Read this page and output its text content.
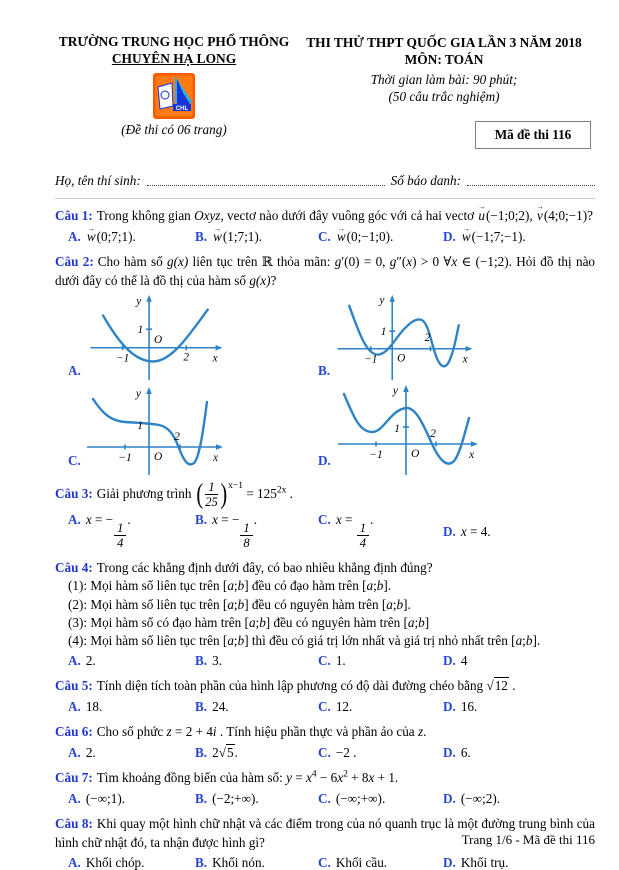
TRƯỜNG TRUNG HỌC PHỔ THÔNG
CHUYÊN HẠ LONG
CHL
(Đề thi có 06 trang)
THI THỬ THPT QUỐC GIA LẦN 3 NĂM 2018
MÔN: TOÁN
Thời gian làm bài: 90 phút;
(50 câu trắc nghiệm)
Mã đề thi 116
Họ, tên thí sinh:	Số báo danh:

Câu 1: Trong không gian Oxyz, vectơ nào dưới đây vuông góc với cả hai vectơ → u(−1;0;2), → v(4;0;−1)?

A. → w(0;7;1).	B. → w(1;7;1).	C. → w(0;−1;0).	D. → w(−1;7;−1).

Câu 2: Cho hàm số g(x) liên tục trên ℝ thỏa mãn: g′(0) = 0, g″(x) > 0 ∀x ∈ (−1;2). Hỏi đồ thị nào dưới đây có thể là đồ thị của hàm số g(x)?

1
O
−1	2
y
x
A.
1
O
−1
2
y
x
B.
1
O
−1
2
y
x
C.
1
O
−1
2
y
x
D.

Câu 3: Giải phương trình ( $\frac{1}{25}$ ) $^{x-1} = 125^{2x}$ .

A. x = −
$\frac{1}{4}$
.	B. x = −
$\frac{1}{8}$
.	C. x =
$\frac{1}{4}$
.
D. x = 4.

Câu 4: Trong các khẳng định dưới đây, có bao nhiêu khẳng định đúng?

(1): Mọi hàm số liên tục trên [a;b] đều có đạo hàm trên [a;b].

(2): Mọi hàm số liên tục trên [a;b] đều có nguyên hàm trên [a;b].

(3): Mọi hàm số có đạo hàm trên [a;b] đều có nguyên hàm trên [a;b]

(4): Mọi hàm số liên tục trên [a;b] thì đều có giá trị lớn nhất và giá trị nhỏ nhất trên [a;b].

A. 2.	B. 3.	C. 1.	D. 4

Câu 5: Tính diện tích toàn phần của hình lập phương có độ dài đường chéo bằng √12 .

A. 18.	B. 24.	C. 12.	D. 16.

Câu 6: Cho số phức z = 2 + 4i . Tính hiệu phần thực và phần ảo của z.

A. 2.	B. 2√5.	C. −2 .	D. 6.

Câu 7: Tìm khoảng đồng biến của hàm số: $y = x^4 - 6x^2 + 8x + 1$.

A. (−∞;1).	B. (−2;+∞).	C. (−∞;+∞).	D. (−∞;2).

Câu 8: Khi quay một hình chữ nhật và các điểm trong của nó quanh trục là một đường trung bình của hình chữ nhật đó, ta nhận được hình gì?

A. Khối chóp.	B. Khối nón.	C. Khối cầu.	D. Khối trụ.
Trang 1/6 - Mã đề thi 116
